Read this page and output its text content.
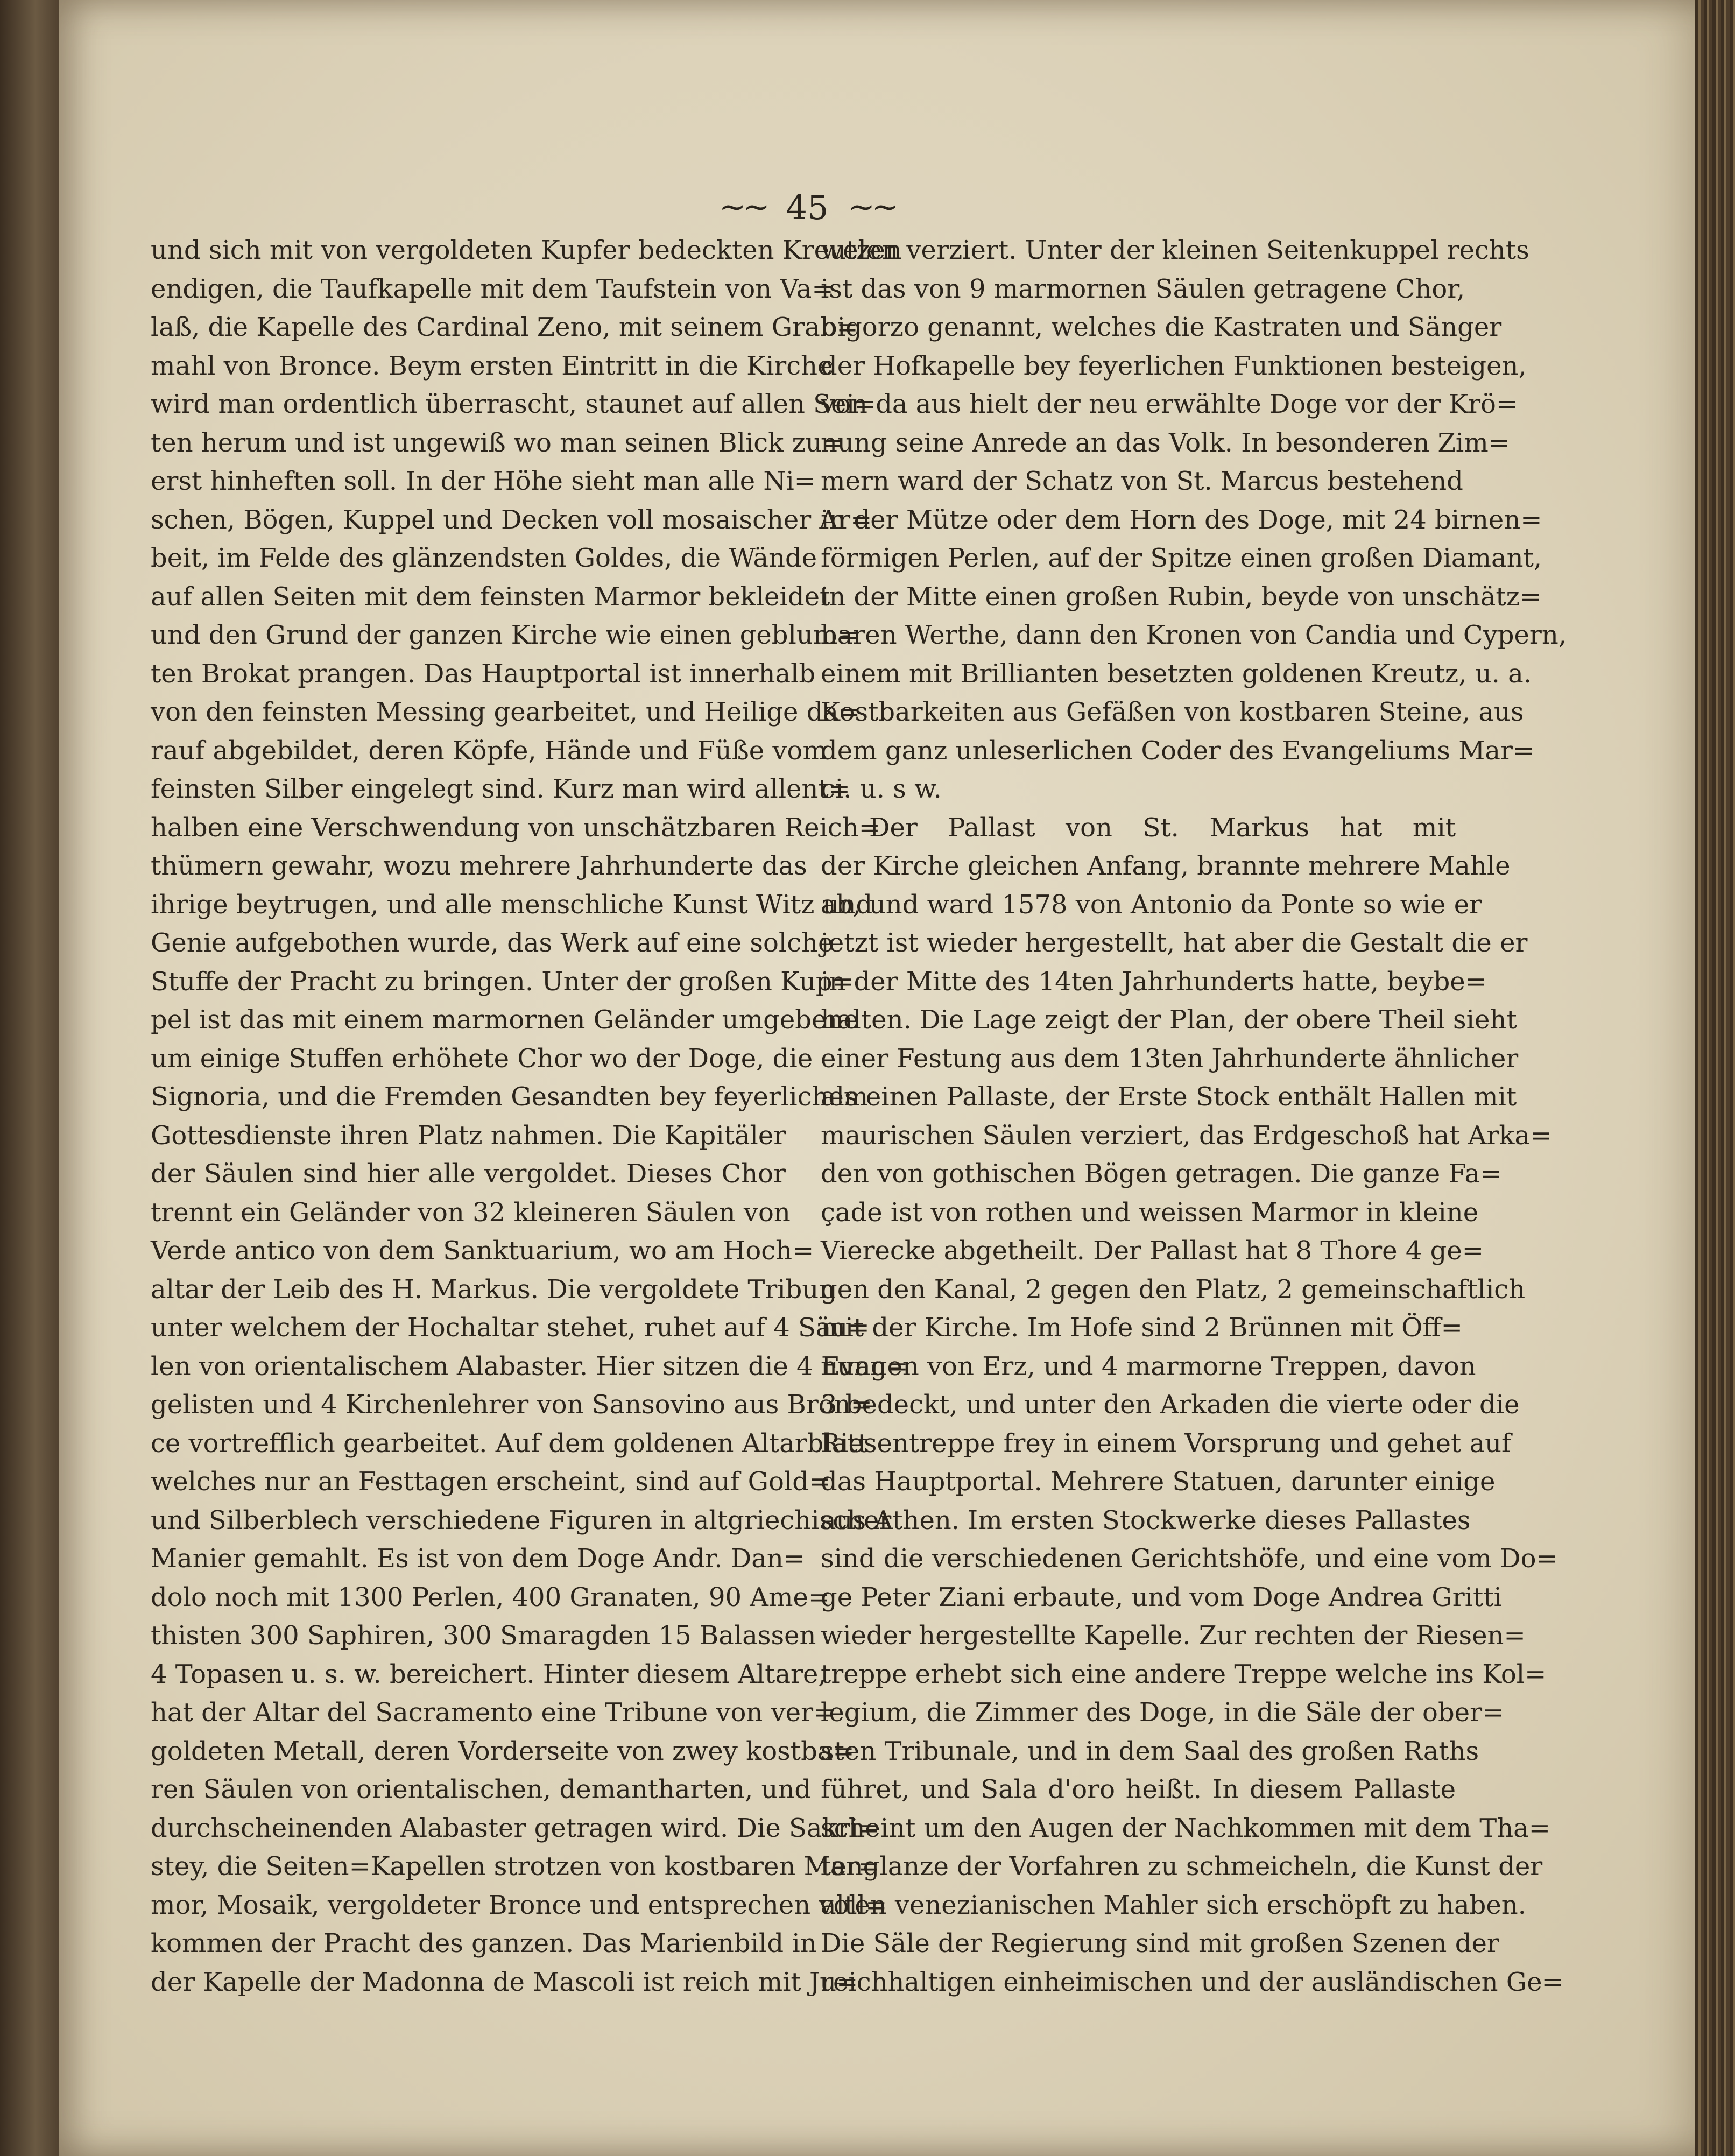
~~ 45 ~~
und sich mit von vergoldeten Kupfer bedeckten Kreutzen
endigen, die Taufkapelle mit dem Taufstein von Va=
laß, die Kapelle des Cardinal Zeno, mit seinem Grab=
mahl von Bronce. Beym ersten Eintritt in die Kirche
wird man ordentlich überrascht, staunet auf allen Sei=
ten herum und ist ungewiß wo man seinen Blick zu=
erst hinheften soll. In der Höhe sieht man alle Ni=
schen, Bögen, Kuppel und Decken voll mosaischer Ar=
beit, im Felde des glänzendsten Goldes, die Wände
auf allen Seiten mit dem feinsten Marmor bekleidet
und den Grund der ganzen Kirche wie einen geblum=
ten Brokat prangen. Das Hauptportal ist innerhalb
von den feinsten Messing gearbeitet, und Heilige da=
rauf abgebildet, deren Köpfe, Hände und Füße vom
feinsten Silber eingelegt sind. Kurz man wird allent=
halben eine Verschwendung von unschätzbaren Reich=
thümern gewahr, wozu mehrere Jahrhunderte das
ihrige beytrugen, und alle menschliche Kunst Witz und
Genie aufgebothen wurde, das Werk auf eine solche
Stuffe der Pracht zu bringen. Unter der großen Kup=
pel ist das mit einem marmornen Geländer umgebene
um einige Stuffen erhöhete Chor wo der Doge, die
Signoria, und die Fremden Gesandten bey feyerlichem
Gottesdienste ihren Platz nahmen. Die Kapitäler
der Säulen sind hier alle vergoldet. Dieses Chor
trennt ein Geländer von 32 kleineren Säulen von
Verde antico von dem Sanktuarium, wo am Hoch=
altar der Leib des H. Markus. Die vergoldete Tribun
unter welchem der Hochaltar stehet, ruhet auf 4 Säu=
len von orientalischem Alabaster. Hier sitzen die 4 Evan=
gelisten und 4 Kirchenlehrer von Sansovino aus Bron=
ce vortrefflich gearbeitet. Auf dem goldenen Altarblatt
welches nur an Festtagen erscheint, sind auf Gold=
und Silberblech verschiedene Figuren in altgriechischer
Manier gemahlt. Es ist von dem Doge Andr. Dan=
dolo noch mit 1300 Perlen, 400 Granaten, 90 Ame=
thisten 300 Saphiren, 300 Smaragden 15 Balassen
4 Topasen u. s. w. bereichert. Hinter diesem Altare,
hat der Altar del Sacramento eine Tribune von ver=
goldeten Metall, deren Vorderseite von zwey kostba=
ren Säulen von orientalischen, demantharten, und
durchscheinenden Alabaster getragen wird. Die Sakri=
stey, die Seiten=Kapellen strotzen von kostbaren Mar=
mor, Mosaik, vergoldeter Bronce und entsprechen voll=
kommen der Pracht des ganzen. Das Marienbild in
der Kapelle der Madonna de Mascoli ist reich mit Ju=
welen verziert. Unter der kleinen Seitenkuppel rechts
ist das von 9 marmornen Säulen getragene Chor,
bigorzo genannt, welches die Kastraten und Sänger
der Hofkapelle bey feyerlichen Funktionen besteigen,
von da aus hielt der neu erwählte Doge vor der Krö=
nung seine Anrede an das Volk. In besonderen Zim=
mern ward der Schatz von St. Marcus bestehend
in der Mütze oder dem Horn des Doge, mit 24 birnen=
förmigen Perlen, auf der Spitze einen großen Diamant,
in der Mitte einen großen Rubin, beyde von unschätz=
baren Werthe, dann den Kronen von Candia und Cypern,
einem mit Brillianten besetzten goldenen Kreutz, u. a.
Kostbarkeiten aus Gefäßen von kostbaren Steine, aus
dem ganz unleserlichen Coder des Evangeliums Mar=
ci. u. s w.
Der Pallast von St. Markus hat mit
der Kirche gleichen Anfang, brannte mehrere Mahle
ab, und ward 1578 von Antonio da Ponte so wie er
jetzt ist wieder hergestellt, hat aber die Gestalt die er
in der Mitte des 14ten Jahrhunderts hatte, beybe=
halten. Die Lage zeigt der Plan, der obere Theil sieht
einer Festung aus dem 13ten Jahrhunderte ähnlicher
als einen Pallaste, der Erste Stock enthält Hallen mit
maurischen Säulen verziert, das Erdgeschoß hat Arka=
den von gothischen Bögen getragen. Die ganze Fa=
çade ist von rothen und weissen Marmor in kleine
Vierecke abgetheilt. Der Pallast hat 8 Thore 4 ge=
gen den Kanal, 2 gegen den Platz, 2 gemeinschaftlich
mit der Kirche. Im Hofe sind 2 Brünnen mit Öff=
nungen von Erz, und 4 marmorne Treppen, davon
3 bedeckt, und unter den Arkaden die vierte oder die
Riesentreppe frey in einem Vorsprung und gehet auf
das Hauptportal. Mehrere Statuen, darunter einige
aus Athen. Im ersten Stockwerke dieses Pallastes
sind die verschiedenen Gerichtshöfe, und eine vom Do=
ge Peter Ziani erbaute, und vom Doge Andrea Gritti
wieder hergestellte Kapelle. Zur rechten der Riesen=
treppe erhebt sich eine andere Treppe welche ins Kol=
legium, die Zimmer des Doge, in die Säle der ober=
sten Tribunale, und in dem Saal des großen Raths
führet, und Sala d'oro heißt. In diesem Pallaste
scheint um den Augen der Nachkommen mit dem Tha=
tenglanze der Vorfahren zu schmeicheln, die Kunst der
alten venezianischen Mahler sich erschöpft zu haben.
Die Säle der Regierung sind mit großen Szenen der
reichhaltigen einheimischen und der ausländischen Ge=
